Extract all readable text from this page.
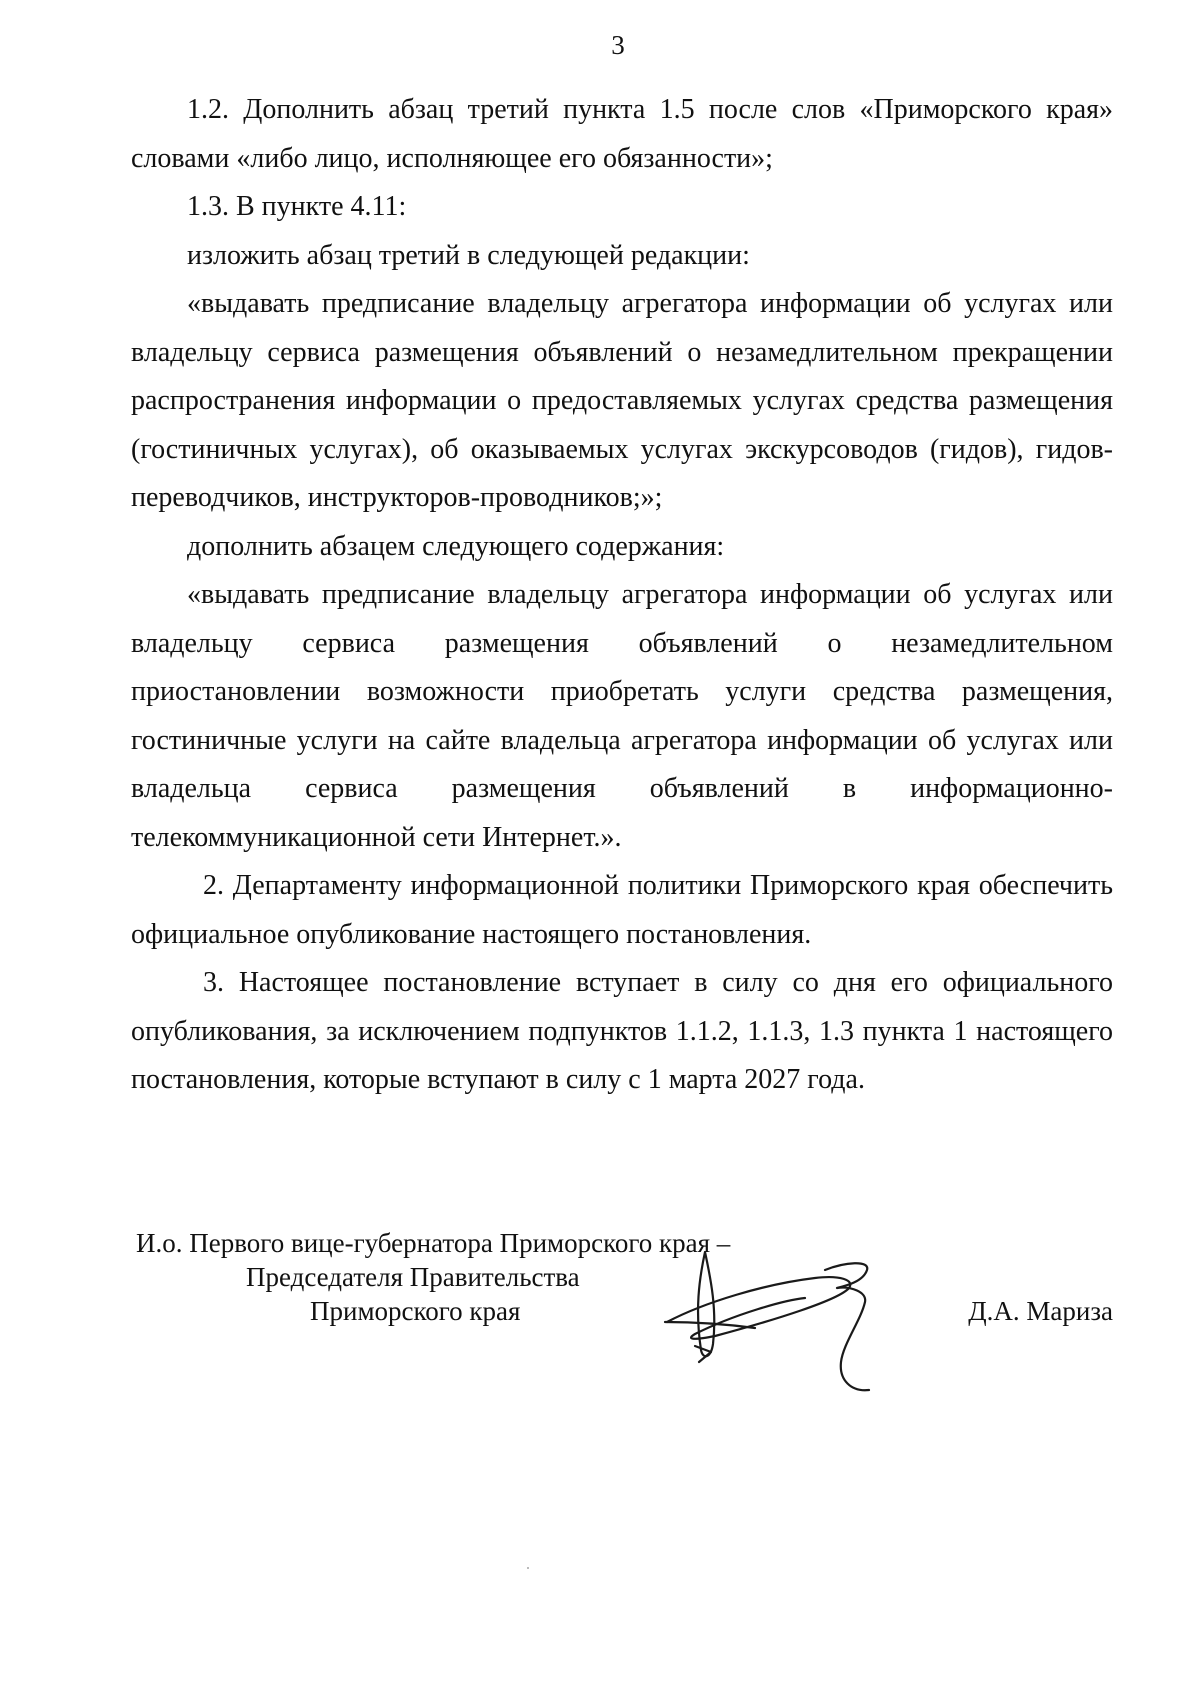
3

1.2. Дополнить абзац третий пункта 1.5 после слов «Приморского края» словами «либо лицо, исполняющее его обязанности»;

1.3. В пункте 4.11:

изложить абзац третий в следующей редакции:

«выдавать предписание владельцу агрегатора информации об услугах или владельцу сервиса размещения объявлений о незамедлительном прекращении распространения информации о предоставляемых услугах средства размещения (гостиничных услугах), об оказываемых услугах экскурсоводов (гидов), гидов-переводчиков, инструкторов-проводников;»;

дополнить абзацем следующего содержания:

«выдавать предписание владельцу агрегатора информации об услугах или владельцу сервиса размещения объявлений о незамедлительном приостановлении возможности приобретать услуги средства размещения, гостиничные услуги на сайте владельца агрегатора информации об услугах или владельца сервиса размещения объявлений в информационно-телекоммуникационной сети Интернет.».

2. Департаменту информационной политики Приморского края обеспечить официальное опубликование настоящего постановления.

3. Настоящее постановление вступает в силу со дня его официального опубликования, за исключением подпунктов 1.1.2, 1.1.3, 1.3 пункта 1 настоящего постановления, которые вступают в силу с 1 марта 2027 года.

И.о. Первого вице-губернатора Приморского края –
Председателя Правительства
Приморского края	Д.А. Мариза
